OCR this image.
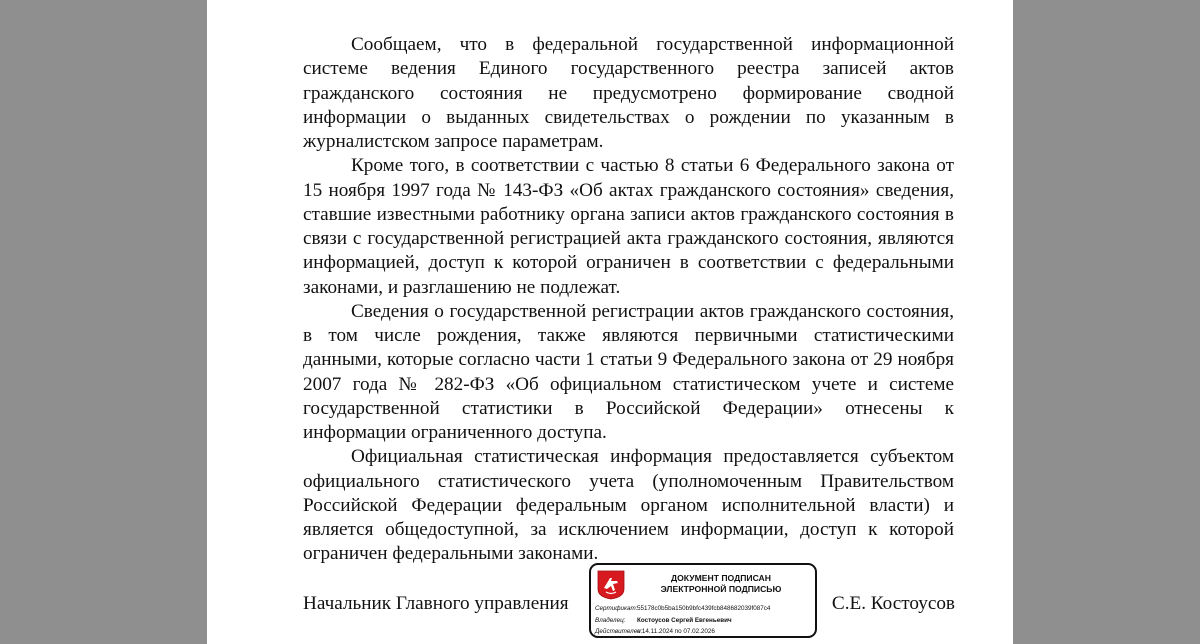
Сообщаем, что в федеральной государственной информационной системе ведения Единого государственного реестра записей актов гражданского состояния не предусмотрено формирование сводной информации о выданных свидетельствах о рождении по указанным в журналистском запросе параметрам.

Кроме того, в соответствии с частью 8 статьи 6 Федерального закона от 15 ноября 1997 года № 143-ФЗ «Об актах гражданского состояния» сведения, ставшие известными работнику органа записи актов гражданского состояния в связи с государственной регистрацией акта гражданского состояния, являются информацией, доступ к которой ограничен в соответствии с федеральными законами, и разглашению не подлежат.

Сведения о государственной регистрации актов гражданского состояния, в том числе рождения, также являются первичными статистическими данными, которые согласно части 1 статьи 9 Федерального закона от 29 ноября 2007 года № 282-ФЗ «Об официальном статистическом учете и системе государственной статистики в Российской Федерации» отнесены к информации ограниченного доступа.

Официальная статистическая информация предоставляется субъектом официального статистического учета (уполномоченным Правительством Российской Федерации федеральным органом исполнительной власти) и является общедоступной, за исключением информации, доступ к которой ограничен федеральными законами.

Начальник Главного управления
ДОКУМЕНТ ПОДПИСАН
ЭЛЕКТРОННОЙ ПОДПИСЬЮ
Сертификат: 55178c0b5ba150b9bfc439fcb848682039f087c4
Владелец:	Костоусов Сергей Евгеньевич
Действителен:
с 14.11.2024 по 07.02.2026
С.Е. Костоусов
